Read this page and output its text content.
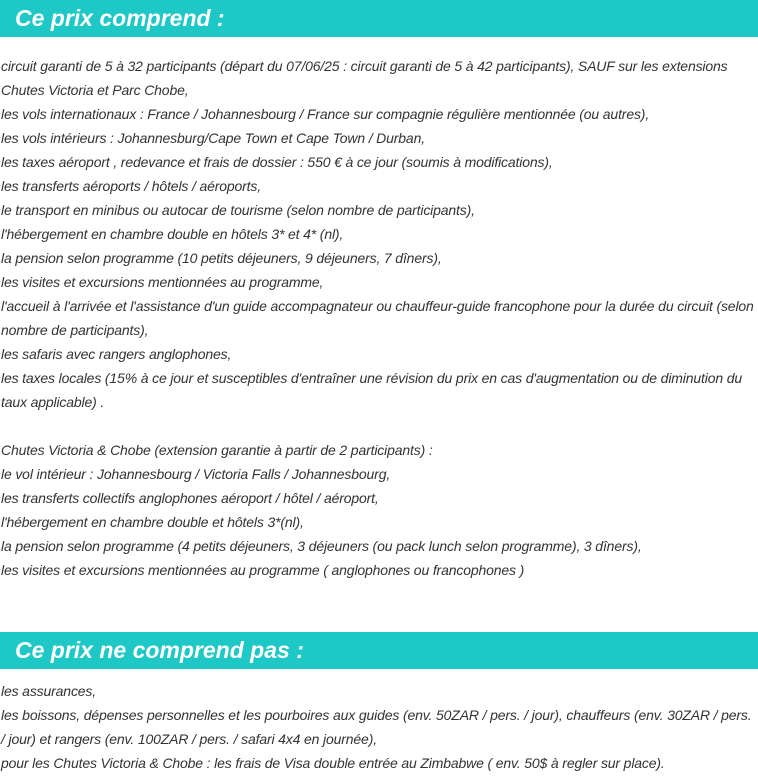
Ce prix comprend :
circuit garanti de 5 à 32 participants (départ du 07/06/25 : circuit garanti de 5 à 42 participants), SAUF sur les extensions Chutes Victoria et Parc Chobe,
les vols internationaux : France / Johannesbourg / France sur compagnie régulière mentionnée (ou autres),
les vols intérieurs : Johannesburg/Cape Town et Cape Town / Durban,
les taxes aéroport , redevance et frais de dossier : 550 € à ce jour (soumis à modifications),
les transferts aéroports / hôtels / aéroports,
le transport en minibus ou autocar de tourisme (selon nombre de participants),
l'hébergement en chambre double en hôtels 3* et 4* (nl),
la pension selon programme (10 petits déjeuners, 9 déjeuners, 7 dîners),
les visites et excursions mentionnées au programme,
l'accueil à l'arrivée et l'assistance d'un guide accompagnateur ou chauffeur-guide francophone pour la durée du circuit (selon nombre de participants),
les safaris avec rangers anglophones,
les taxes locales (15% à ce jour et susceptibles d'entraîner une révision du prix en cas d'augmentation ou de diminution du taux applicable) .
Chutes Victoria & Chobe (extension garantie à partir de 2 participants) :
le vol intérieur : Johannesbourg / Victoria Falls / Johannesbourg,
les transferts collectifs anglophones aéroport / hôtel / aéroport,
l'hébergement en chambre double et hôtels 3*(nl),
la pension selon programme (4 petits déjeuners, 3 déjeuners (ou pack lunch selon programme), 3 dîners),
les visites et excursions mentionnées au programme ( anglophones ou francophones )
Ce prix ne comprend pas :
les assurances,
les boissons, dépenses personnelles et les pourboires aux guides (env. 50ZAR / pers. / jour), chauffeurs (env. 30ZAR / pers. / jour) et rangers (env. 100ZAR / pers. / safari 4x4 en journée),
pour les Chutes Victoria & Chobe : les frais de Visa double entrée au Zimbabwe ( env. 50$ à regler sur place).
